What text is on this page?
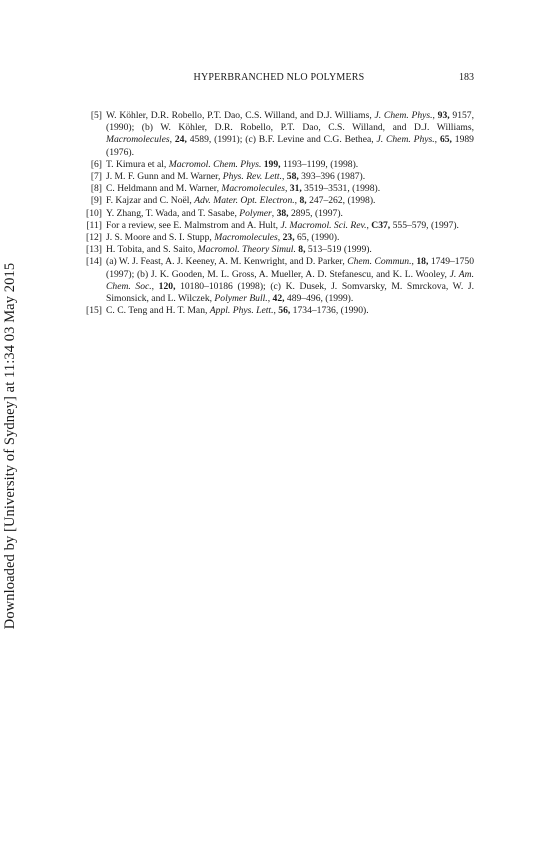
Downloaded by [University of Sydney] at 11:34 03 May 2015
HYPERBRANCHED NLO POLYMERS	183
[5] W. Köhler, D.R. Robello, P.T. Dao, C.S. Willand, and D.J. Williams, J. Chem. Phys., 93, 9157, (1990); (b) W. Köhler, D.R. Robello, P.T. Dao, C.S. Willand, and D.J. Williams, Macromolecules, 24, 4589, (1991); (c) B.F. Levine and C.G. Bethea, J. Chem. Phys., 65, 1989 (1976).
[6] T. Kimura et al, Macromol. Chem. Phys. 199, 1193–1199, (1998).
[7] J. M. F. Gunn and M. Warner, Phys. Rev. Lett., 58, 393–396 (1987).
[8] C. Heldmann and M. Warner, Macromolecules, 31, 3519–3531, (1998).
[9] F. Kajzar and C. Noël, Adv. Mater. Opt. Electron., 8, 247–262, (1998).
[10] Y. Zhang, T. Wada, and T. Sasabe, Polymer, 38, 2895, (1997).
[11] For a review, see E. Malmstrom and A. Hult, J. Macromol. Sci. Rev., C37, 555–579, (1997).
[12] J. S. Moore and S. I. Stupp, Macromolecules, 23, 65, (1990).
[13] H. Tobita, and S. Saito, Macromol. Theory Simul. 8, 513–519 (1999).
[14] (a) W. J. Feast, A. J. Keeney, A. M. Kenwright, and D. Parker, Chem. Commun., 18, 1749–1750 (1997); (b) J. K. Gooden, M. L. Gross, A. Mueller, A. D. Stefanescu, and K. L. Wooley, J. Am. Chem. Soc., 120, 10180–10186 (1998); (c) K. Dusek, J. Somvarsky, M. Smrckova, W. J. Simonsick, and L. Wilczek, Polymer Bull., 42, 489–496, (1999).
[15] C. C. Teng and H. T. Man, Appl. Phys. Lett., 56, 1734–1736, (1990).
